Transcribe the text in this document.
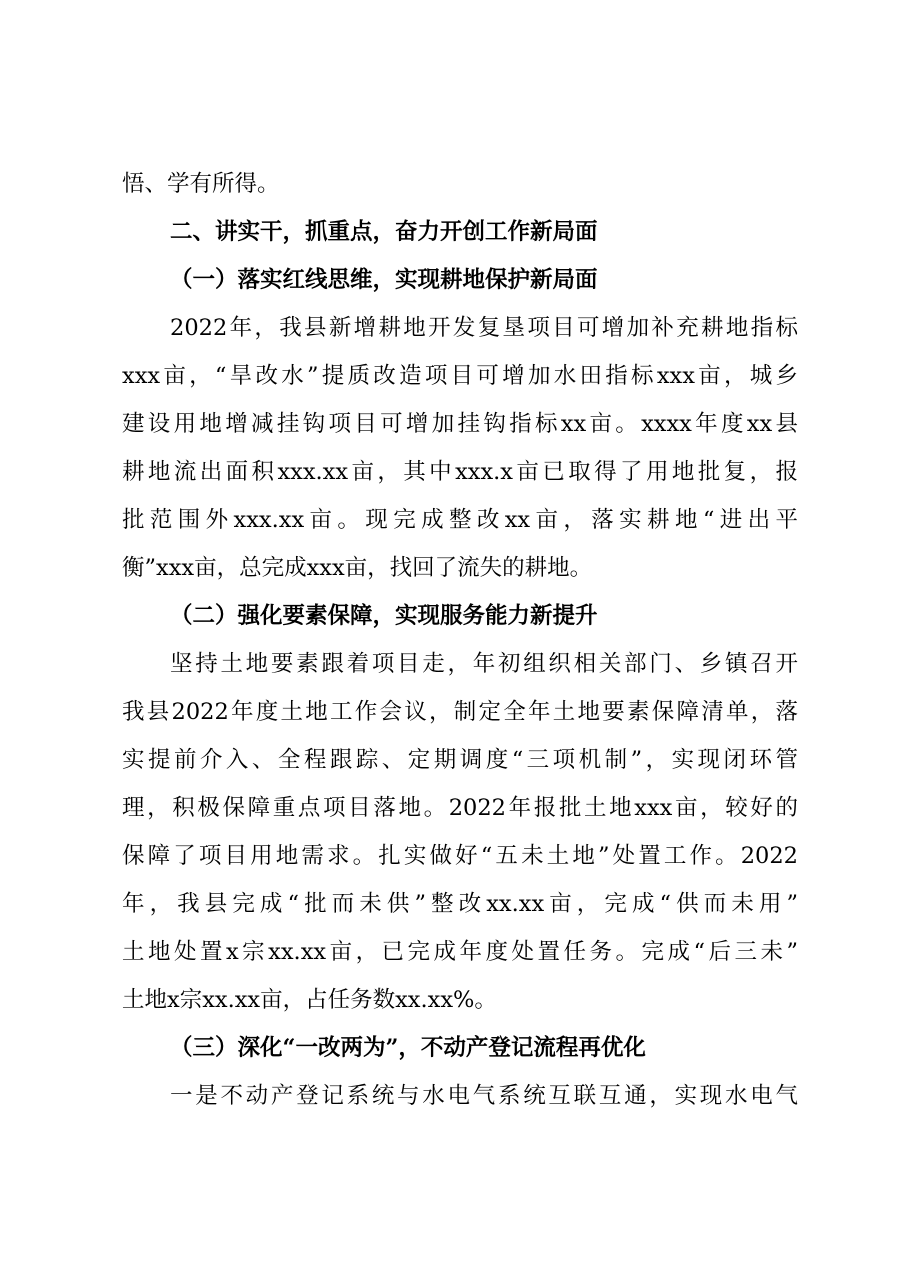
悟、学有所得。
二、讲实干，抓重点，奋力开创工作新局面
（一）落实红线思维，实现耕地保护新局面
2022年，我县新增耕地开发复垦项目可增加补充耕地指标
xxx亩，“旱改水”提质改造项目可增加水田指标xxx亩，城乡
建设用地增减挂钩项目可增加挂钩指标xx亩。xxxx年度xx县
耕地流出面积xxx.xx亩，其中xxx.x亩已取得了用地批复，报
批范围外xxx.xx亩。现完成整改xx亩，落实耕地“进出平
衡”xxx亩，总完成xxx亩，找回了流失的耕地。
（二）强化要素保障，实现服务能力新提升
坚持土地要素跟着项目走，年初组织相关部门、乡镇召开
我县2022年度土地工作会议，制定全年土地要素保障清单，落
实提前介入、全程跟踪、定期调度“三项机制”，实现闭环管
理，积极保障重点项目落地。2022年报批土地xxx亩，较好的
保障了项目用地需求。扎实做好“五未土地”处置工作。2022
年，我县完成“批而未供”整改xx.xx亩，完成“供而未用”
土地处置x宗xx.xx亩，已完成年度处置任务。完成“后三未”
土地x宗xx.xx亩，占任务数xx.xx%。
（三）深化“一改两为”，不动产登记流程再优化
一是不动产登记系统与水电气系统互联互通，实现水电气
